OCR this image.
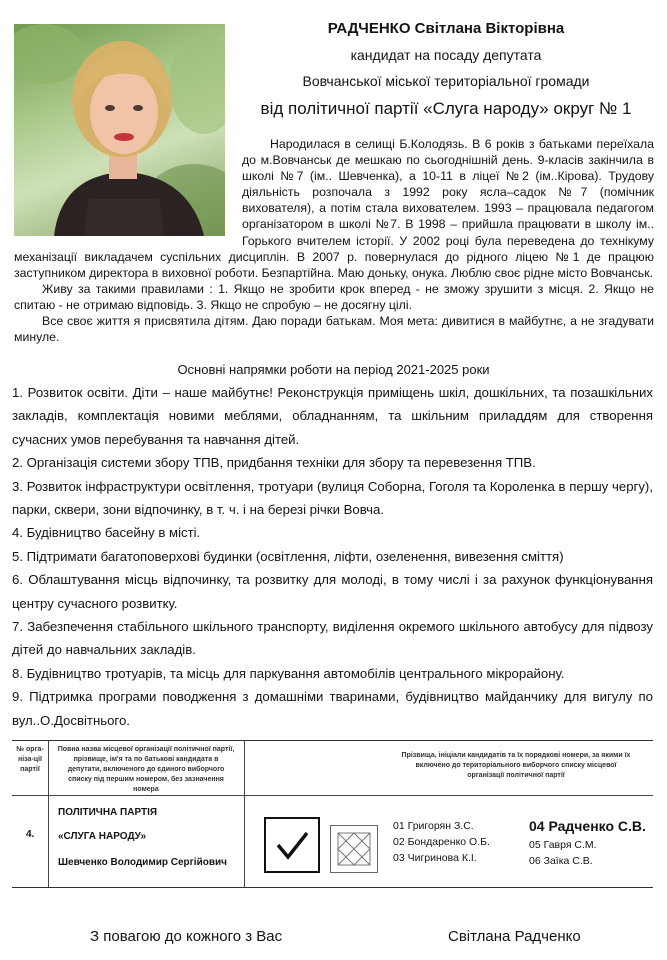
РАДЧЕНКО Світлана Вікторівна
кандидат на посаду депутата
Вовчанської міської територіальної громади
від політичної партії «Слуга народу» округ № 1

Народилася в селищі Б.Колодязь. В 6 років з батьками переїхала до м.Вовчанськ де мешкаю по сьогоднішній день. 9-класів закінчила в школі №7 (ім.. Шевченка), а 10-11 в ліцеї №2 (ім..Кірова). Трудову діяльність розпочала з 1992 року ясла–садок №7 (помічник вихователя), а потім стала вихователем. 1993 – працювала педагогом організатором в школі №7. В 1998 – прийшла працювати в школу ім.. Горького вчителем історії. У 2002 році була переведена до технікуму механізації викладачем суспільних дисциплін. В 2007 р. повернулася до рідного ліцею №1 де працюю заступником директора в виховної роботи. Безпартійна. Маю доньку, онука. Люблю своє рідне місто Вовчанськ.

Живу за такими правилами : 1. Якщо не зробити крок вперед - не зможу зрушити з місця. 2. Якщо не спитаю - не отримаю відповідь. 3. Якщо не спробую – не досягну цілі.

Все своє життя я присвятила дітям. Даю поради батькам. Моя мета: дивитися в майбутнє, а не згадувати минуле.

Основні напрямки роботи на період 2021-2025 роки

1. Розвиток освіти. Діти – наше майбутнє! Реконструкція приміщень шкіл, дошкільних, та позашкільних закладів, комплектація новими меблями, обладнанням, та шкільним приладдям для створення сучасних умов перебування та навчання дітей.

2. Організація системи збору ТПВ, придбання техніки для збору та перевезення ТПВ.

3. Розвиток інфраструктури освітлення, тротуари (вулиця Соборна, Гоголя та Короленка в першу чергу), парки, сквери, зони відпочинку, в т. ч. і на березі річки Вовча.

4. Будівництво басейну в місті.

5. Підтримати багатоповерхові будинки (освітлення, ліфти, озеленення, вивезення сміття)

6. Облаштування місць відпочинку, та розвитку для молоді, в тому числі і за рахунок функціонування центру сучасного розвитку.

7. Забезпечення стабільного шкільного транспорту, виділення окремого шкільного автобусу для підвозу дітей до навчальних закладів.

8. Будівництво тротуарів, та місць для паркування автомобілів центрального мікрорайону.

9. Підтримка програми поводження з домашніми тваринами, будівництво майданчику для вигулу по вул..О.Досвітнього.

№ орга-ніза-ції партії
Повна назва місцевої організації політичної партії, прізвище, ім'я та по батькові кандидата в депутати, включеного до єдиного виборчого списку під першим номером, без зазначення номера
Прізвища, ініціали кандидатів та їх порядкові номери, за якими їх включено до територіального виборчого списку місцевої організації політичної партії
4.
ПОЛІТИЧНА ПАРТІЯ
«СЛУГА НАРОДУ»
Шевченко Володимир Сергійович
01 Григорян З.С.
02 Бондаренко О.Б.
03 Чигринова К.І.
04 Радченко С.В.
05 Гавря С.М.
06 Заїка С.В.
З повагою до кожного з Вас	Світлана Радченко
